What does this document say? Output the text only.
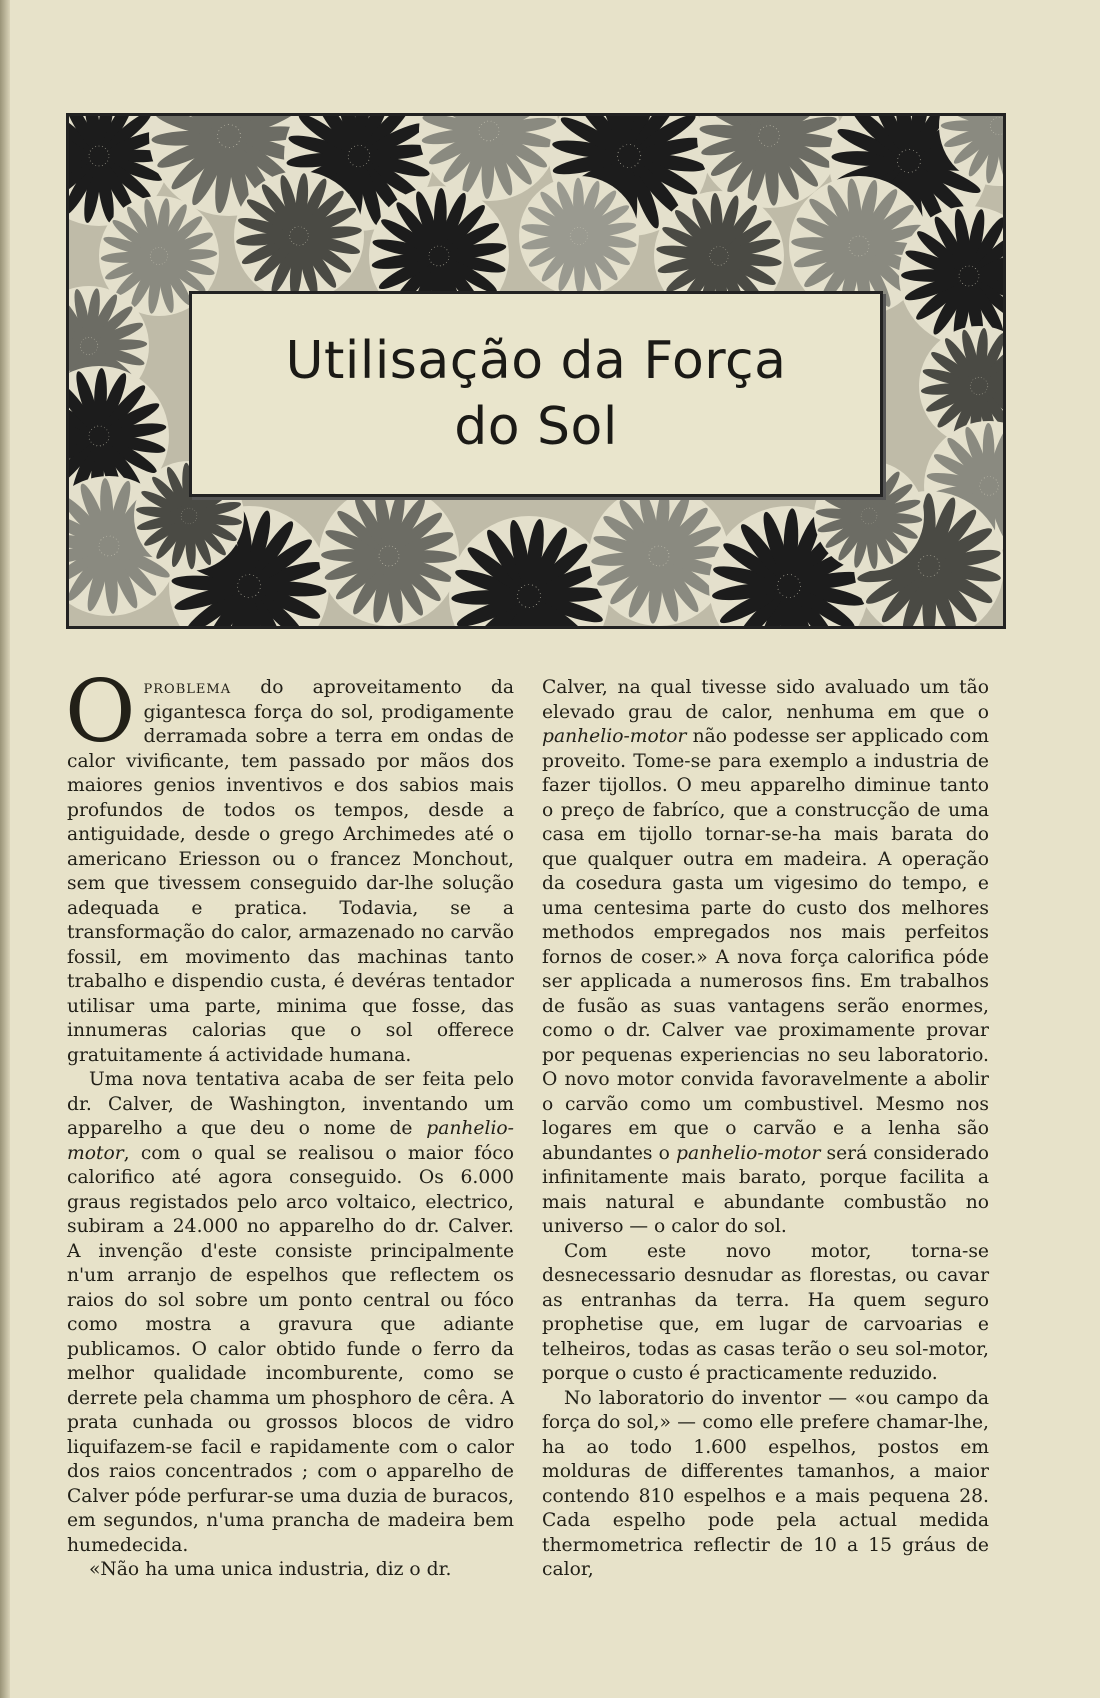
Utilisação da Força
do Sol

Oproblema do aproveitamento da gigantesca força do sol, prodigamente derramada sobre a terra em ondas de calor vivificante, tem passado por mãos dos maiores genios inventivos e dos sabios mais profundos de todos os tempos, desde a antiguidade, desde o grego Archimedes até o americano Eriesson ou o francez Monchout, sem que tivessem conseguido dar-lhe solução adequada e pratica. Todavia, se a transformação do calor, armazenado no carvão fossil, em movimento das machinas tanto trabalho e dispendio custa, é devéras tentador utilisar uma parte, minima que fosse, das innumeras calorias que o sol offerece gratuitamente á actividade humana.

Uma nova tentativa acaba de ser feita pelo dr. Calver, de Washington, inventando um apparelho a que deu o nome de panhelio-motor, com o qual se realisou o maior fóco calorifico até agora conseguido. Os 6.000 graus registados pelo arco voltaico, electrico, subiram a 24.000 no apparelho do dr. Calver. A invenção d'este consiste principalmente n'um arranjo de espelhos que reflectem os raios do sol sobre um ponto central ou fóco como mostra a gravura que adiante publicamos. O calor obtido funde o ferro da melhor qualidade incomburente, como se derrete pela chamma um phosphoro de cêra. A prata cunhada ou grossos blocos de vidro liquifazem-se facil e rapidamente com o calor dos raios concentrados ; com o apparelho de Calver póde perfurar-se uma duzia de buracos, em segundos, n'uma prancha de madeira bem humedecida.

«Não ha uma unica industria, diz o dr.

Calver, na qual tivesse sido avaluado um tão elevado grau de calor, nenhuma em que o panhelio-motor não podesse ser applicado com proveito. Tome-se para exemplo a industria de fazer tijollos. O meu apparelho diminue tanto o preço de fabríco, que a construcção de uma casa em tijollo tornar-se-ha mais barata do que qualquer outra em madeira. A operação da cosedura gasta um vigesimo do tempo, e uma centesima parte do custo dos melhores methodos empregados nos mais perfeitos fornos de coser.» A nova força calorifica póde ser applicada a numerosos fins. Em trabalhos de fusão as suas vantagens serão enormes, como o dr. Calver vae proximamente provar por pequenas experiencias no seu laboratorio. O novo motor convida favoravelmente a abolir o carvão como um combustivel. Mesmo nos logares em que o carvão e a lenha são abundantes o panhelio-motor será considerado infinitamente mais barato, porque facilita a mais natural e abundante combustão no universo — o calor do sol.

Com este novo motor, torna-se desnecessario desnudar as florestas, ou cavar as entranhas da terra. Ha quem seguro prophetise que, em lugar de carvoarias e telheiros, todas as casas terão o seu sol-motor, porque o custo é practicamente reduzido.

No laboratorio do inventor — «ou campo da força do sol,» — como elle prefere chamar-lhe, ha ao todo 1.600 espelhos, postos em molduras de differentes tamanhos, a maior contendo 810 espelhos e a mais pequena 28. Cada espelho pode pela actual medida thermometrica reflectir de 10 a 15 gráus de calor,
